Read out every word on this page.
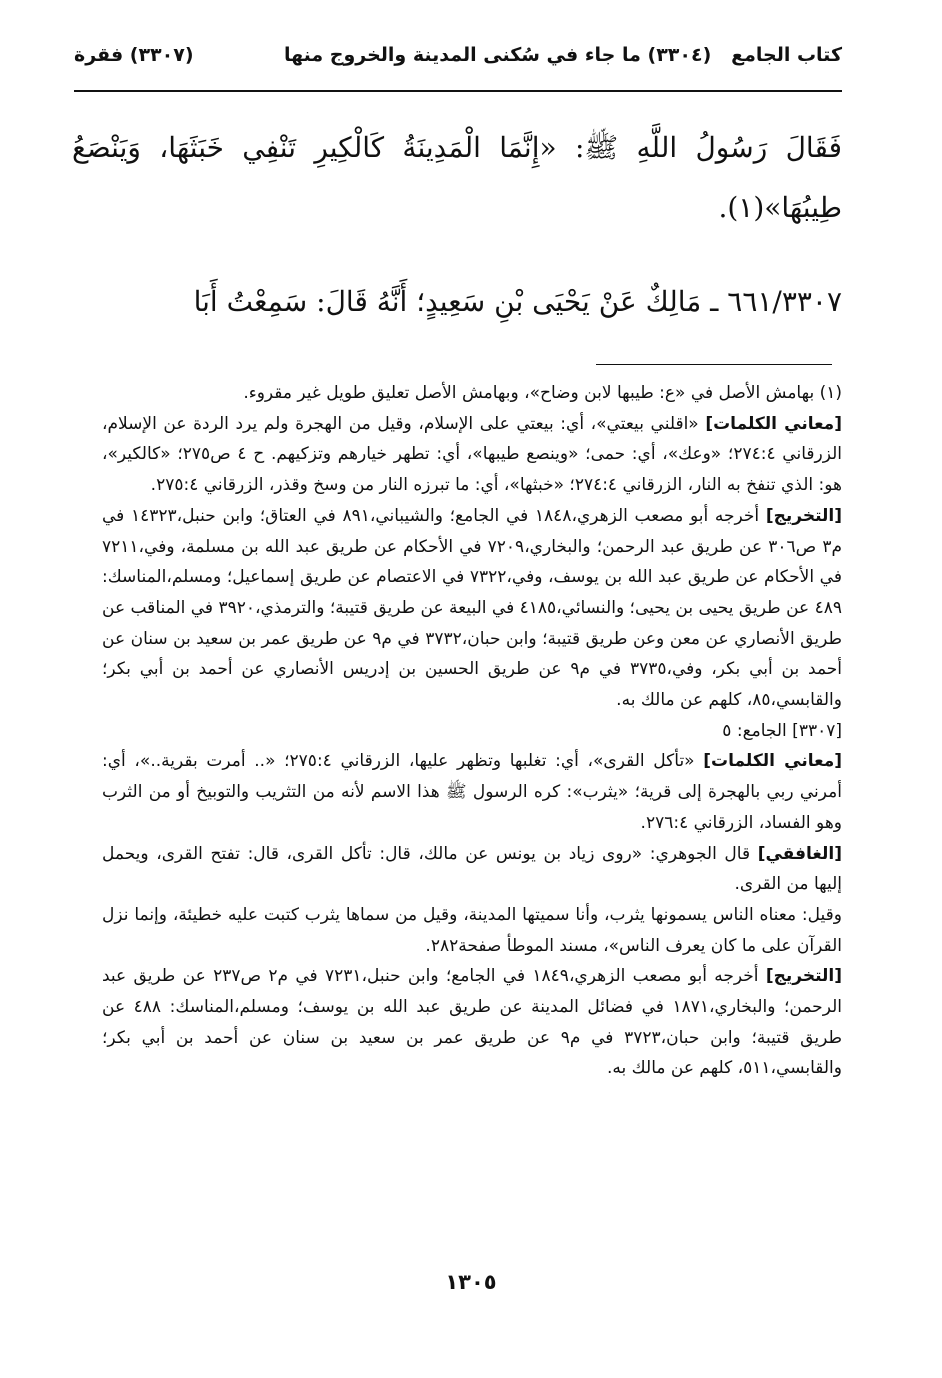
كتاب الجامع   (٣٣٠٤) ما جاء في سُكنى المدينة والخروج منها
(٣٣٠٧) فقرة
فَقَالَ رَسُولُ اللَّهِ ﷺ: «إِنَّمَا الْمَدِينَةُ كَالْكِيرِ تَنْفِي خَبَثَهَا، وَيَنْصَعُ طِيبُهَا»(١).
٦٦١/٣٣٠٧ ـ مَالِكٌ عَنْ يَحْيَى بْنِ سَعِيدٍ؛ أَنَّهُ قَالَ: سَمِعْتُ أَبَا

(١) بهامش الأصل في «ع: طيبها لابن وضاح»، وبهامش الأصل تعليق طويل غير مقروء.

[معاني الكلمات] «اقلني بيعتي»، أي: بيعتي على الإسلام، وقيل من الهجرة ولم يرد الردة عن الإسلام، الزرقاني ٢٧٤:٤؛ «وعك»، أي: حمى؛ «وينصع طيبها»، أي: تطهر خيارهم وتزكيهم. ح ٤ ص٢٧٥؛ «كالكير»، هو: الذي تنفخ به النار، الزرقاني ٢٧٤:٤؛ «خبثها»، أي: ما تبرزه النار من وسخ وقذر، الزرقاني ٢٧٥:٤.

[التخريج] أخرجه أبو مصعب الزهري،١٨٤٨ في الجامع؛ والشيباني،٨٩١ في العتاق؛ وابن حنبل،١٤٣٢٣ في م٣ ص٣٠٦ عن طريق عبد الرحمن؛ والبخاري،٧٢٠٩ في الأحكام عن طريق عبد الله بن مسلمة، وفي،٧٢١١ في الأحكام عن طريق عبد الله بن يوسف، وفي،٧٣٢٢ في الاعتصام عن طريق إسماعيل؛ ومسلم،المناسك: ٤٨٩ عن طريق يحيى بن يحيى؛ والنسائي،٤١٨٥ في البيعة عن طريق قتيبة؛ والترمذي،٣٩٢٠ في المناقب عن طريق الأنصاري عن معن وعن طريق قتيبة؛ وابن حبان،٣٧٣٢ في م٩ عن طريق عمر بن سعيد بن سنان عن أحمد بن أبي بكر، وفي،٣٧٣٥ في م٩ عن طريق الحسين بن إدريس الأنصاري عن أحمد بن أبي بكر؛ والقابسي،٨٥، كلهم عن مالك به.

[٣٣٠٧] الجامع: ٥

[معاني الكلمات] «تأكل القرى»، أي: تغلبها وتظهر عليها، الزرقاني ٢٧٥:٤؛ «.. أمرت بقرية..»، أي: أمرني ربي بالهجرة إلى قرية؛ «يثرب»: كره الرسول ﷺ هذا الاسم لأنه من التثريب والتوبيخ أو من الثرب وهو الفساد، الزرقاني ٢٧٦:٤.

[الغافقي] قال الجوهري: «روى زياد بن يونس عن مالك، قال: تأكل القرى، قال: تفتح القرى، ويحمل إليها من القرى.

وقيل: معناه الناس يسمونها يثرب، وأنا سميتها المدينة، وقيل من سماها يثرب كتبت عليه خطيئة، وإنما نزل القرآن على ما كان يعرف الناس»، مسند الموطأ صفحة٢٨٢.

[التخريج] أخرجه أبو مصعب الزهري،١٨٤٩ في الجامع؛ وابن حنبل،٧٢٣١ في م٢ ص٢٣٧ عن طريق عبد الرحمن؛ والبخاري،١٨٧١ في فضائل المدينة عن طريق عبد الله بن يوسف؛ ومسلم،المناسك: ٤٨٨ عن طريق قتيبة؛ وابن حبان،٣٧٢٣ في م٩ عن طريق عمر بن سعيد بن سنان عن أحمد بن أبي بكر؛ والقابسي،٥١١، كلهم عن مالك به.

١٣٠٥
